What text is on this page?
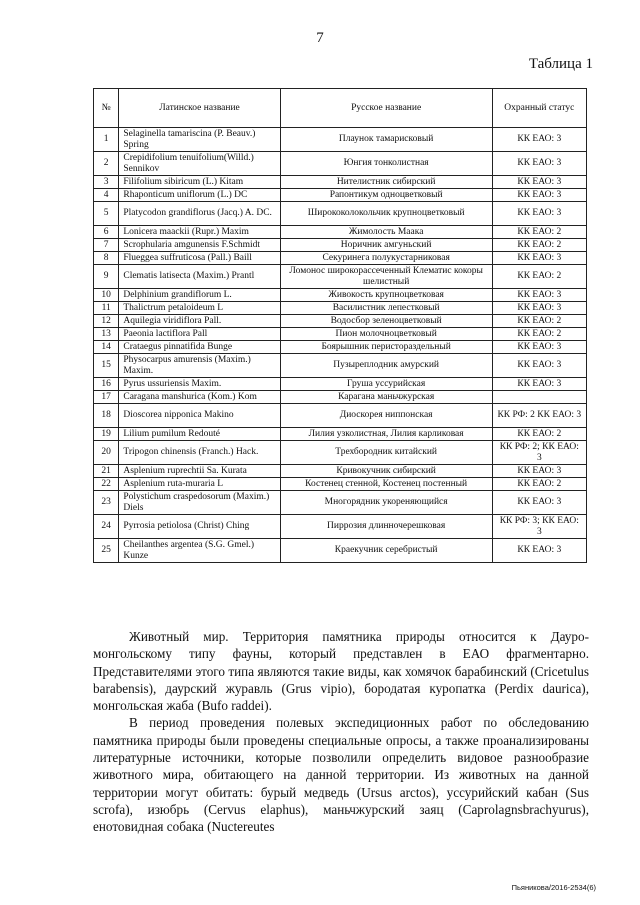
7
Таблица 1
№	Латинское название	Русское название	Охранный статус
1	Selaginella tamariscina (P. Beauv.) Spring	Плаунок тамарисковый	КК ЕАО: 3
2	Crepidifolium tenuifolium(Willd.) Sennikov	Юнгия тонколистная	КК ЕАО: 3
3	Filifolium sibiricum (L.) Kitam	Нителистник сибирский	КК ЕАО: 3
4	Rhaponticum uniflorum (L.) DC	Рапонтикум одноцветковый	КК ЕАО: 3
5	Platycodon grandiflorus (Jacq.) A. DC.	Ширококолокольчик крупноцветковый	КК ЕАО: 3
6	Lonicera maackii (Rupr.) Maxim	Жимолость Маака	КК ЕАО: 2
7	Scrophularia amgunensis F.Schmidt	Норичник амгуньский	КК ЕАО: 2
8	Flueggea suffruticosa (Pall.) Baill	Секуринега полукустарниковая	КК ЕАО: 3
9	Clematis latisecta (Maxim.) Prantl	Ломонос широкорассеченный Клематис кокоры шелистный	КК ЕАО: 2
10	Delphinium grandiflorum L.	Живокость крупноцветковая	КК ЕАО: 3
11	Thalictrum petaloideum L	Василистник лепестковый	КК ЕАО: 3
12	Aquilegia viridiflora Pall.	Водосбор зеленоцветковый	КК ЕАО: 2
13	Paeonia lactiflora Pall	Пион молочноцветковый	КК ЕАО: 2
14	Crataegus pinnatifida Bunge	Боярышник перистораздельный	КК ЕАО: 3
15	Physocarpus amurensis (Maxim.) Maxim.	Пузыреплодник амурский	КК ЕАО: 3
16	Pyrus ussuriensis Maxim.	Груша уссурийская	КК ЕАО: 3
17	Caragana manshurica (Kom.) Kom	Карагана маньчжурская	
18	Dioscorea nipponica Makino	Диоскорея ниппонская	КК РФ: 2 КК ЕАО: 3
19	Lilium pumilum Redouté	Лилия узколистная, Лилия карликовая	КК ЕАО: 2
20	Tripogon chinensis (Franch.) Hack.	Трехбородник китайский	КК РФ: 2; КК ЕАО: 3
21	Asplenium ruprechtii Sa. Kurata	Кривокучник сибирский	КК ЕАО: 3
22	Asplenium ruta-muraria L	Костенец стенной, Костенец постенный	КК ЕАО: 2
23	Polystichum craspedosorum (Maxim.) Diels	Многорядник укореняющийся	КК ЕАО: 3
24	Pyrrosia petiolosa (Christ) Ching	Пиррозия длинночерешковая	КК РФ: 3; КК ЕАО: 3
25	Cheilanthes argentea (S.G. Gmel.) Kunze	Краекучник серебристый	КК ЕАО: 3

Животный мир. Территория памятника природы относится к Дауро-монгольскому типу фауны, который представлен в ЕАО фрагментарно. Представителями этого типа являются такие виды, как хомячок барабинский (Cricetulus barabensis), даурский журавль (Grus vipio), бородатая куропатка (Perdix daurica), монгольская жаба (Bufo raddei).

В период проведения полевых экспедиционных работ по обследованию памятника природы были проведены специальные опросы, а также проанализированы литературные источники, которые позволили определить видовое разнообразие животного мира, обитающего на данной территории. Из животных на данной территории могут обитать: бурый медведь (Ursus arctos), уссурийский кабан (Sus scrofa), изюбрь (Cervus elaphus), маньчжурский заяц (Caprolagnsbrachyurus), енотовидная собака (Nuctereutes

Пьяникова/2016-2534(6)
